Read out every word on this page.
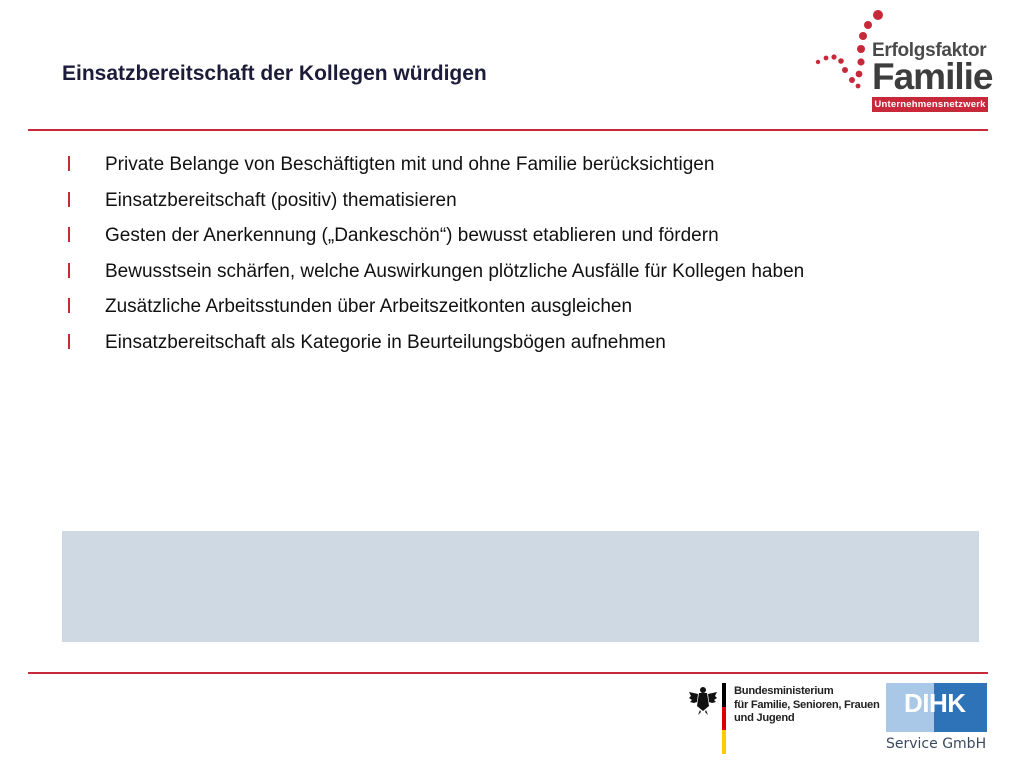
Einsatzbereitschaft der Kollegen würdigen
Erfolgsfaktor
Familie
Unternehmensnetzwerk
Private Belange von Beschäftigten mit und ohne Familie berücksichtigen
Einsatzbereitschaft (positiv) thematisieren
Gesten der Anerkennung („Dankeschön“) bewusst etablieren und fördern
Bewusstsein schärfen, welche Auswirkungen plötzliche Ausfälle für Kollegen haben
Zusätzliche Arbeitsstunden über Arbeitszeitkonten ausgleichen
Einsatzbereitschaft als Kategorie in Beurteilungsbögen aufnehmen
Bundesministerium
für Familie, Senioren, Frauen
und Jugend	DIHK
Service GmbH
